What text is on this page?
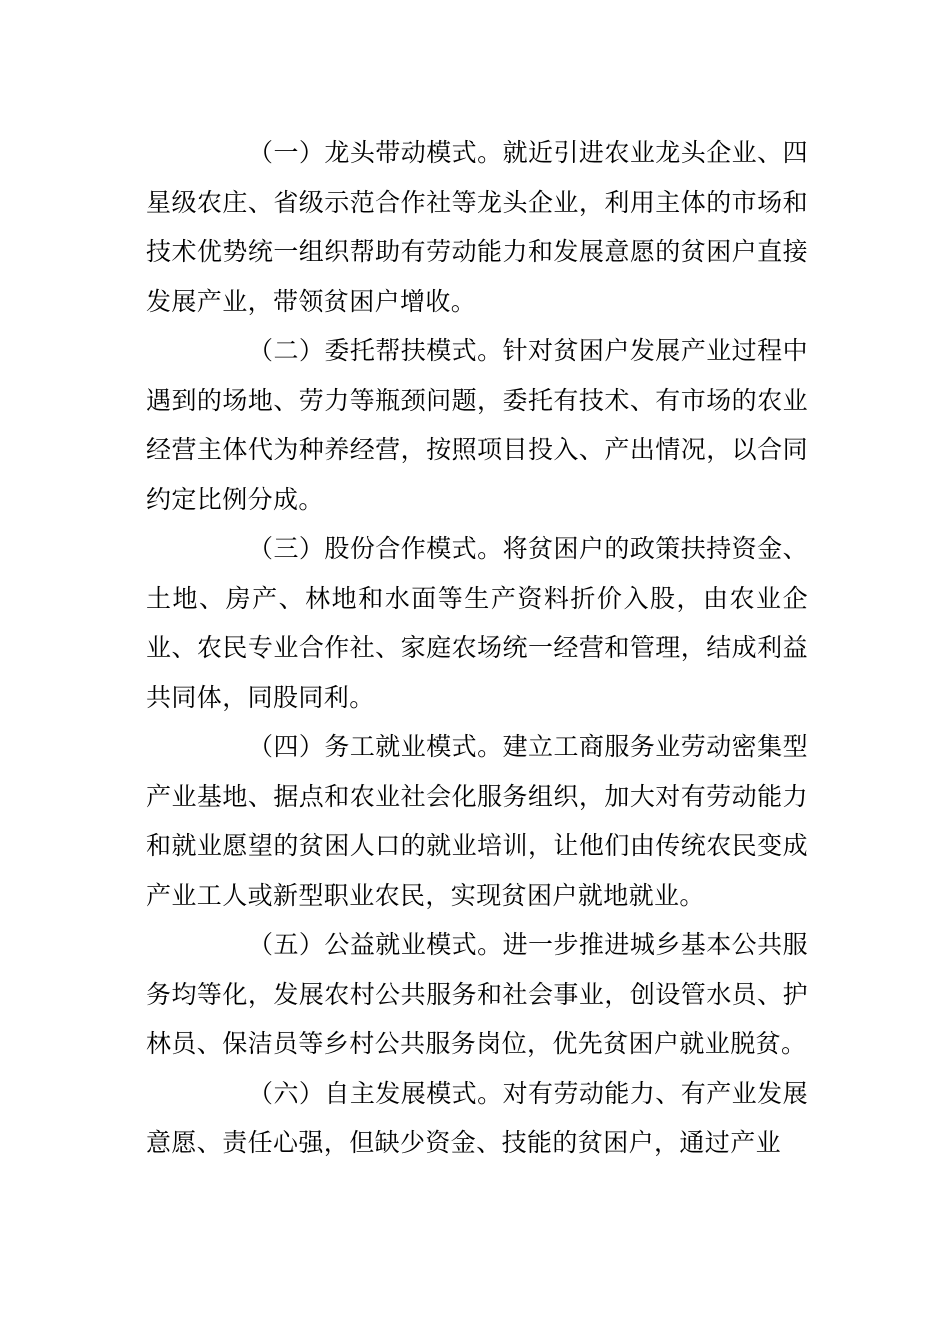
（一）龙头带动模式。就近引进农业龙头企业、四星级农庄、省级示范合作社等龙头企业，利用主体的市场和技术优势统一组织帮助有劳动能力和发展意愿的贫困户直接发展产业，带领贫困户增收。

（二）委托帮扶模式。针对贫困户发展产业过程中遇到的场地、劳力等瓶颈问题，委托有技术、有市场的农业经营主体代为种养经营，按照项目投入、产出情况，以合同约定比例分成。

（三）股份合作模式。将贫困户的政策扶持资金、土地、房产、林地和水面等生产资料折价入股，由农业企业、农民专业合作社、家庭农场统一经营和管理，结成利益共同体，同股同利。

（四）务工就业模式。建立工商服务业劳动密集型产业基地、据点和农业社会化服务组织，加大对有劳动能力和就业愿望的贫困人口的就业培训，让他们由传统农民变成产业工人或新型职业农民，实现贫困户就地就业。

（五）公益就业模式。进一步推进城乡基本公共服务均等化，发展农村公共服务和社会事业，创设管水员、护林员、保洁员等乡村公共服务岗位，优先贫困户就业脱贫。

（六）自主发展模式。对有劳动能力、有产业发展意愿、责任心强，但缺少资金、技能的贫困户，通过产业
